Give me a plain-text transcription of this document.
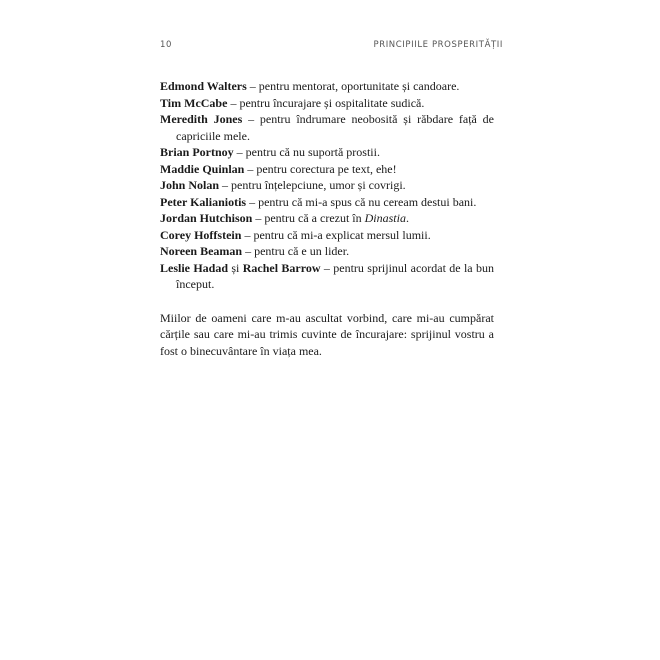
10	PRINCIPIILE PROSPERITĂȚII
Edmond Walters – pentru mentorat, oportunitate și candoare.
Tim McCabe – pentru încurajare și ospitalitate sudică.
Meredith Jones – pentru îndrumare neobosită și răbdare față de capriciile mele.
Brian Portnoy – pentru că nu suportă prostii.
Maddie Quinlan – pentru corectura pe text, ehe!
John Nolan – pentru înțelepciune, umor și covrigi.
Peter Kalianiotis – pentru că mi-a spus că nu ceream destui bani.
Jordan Hutchison – pentru că a crezut în Dinastia.
Corey Hoffstein – pentru că mi-a explicat mersul lumii.
Noreen Beaman – pentru că e un lider.
Leslie Hadad și Rachel Barrow – pentru sprijinul acordat de la bun început.

Miilor de oameni care m-au ascultat vorbind, care mi-au cumpărat cărțile sau care mi-au trimis cuvinte de încurajare: sprijinul vostru a fost o binecuvântare în viața mea.
